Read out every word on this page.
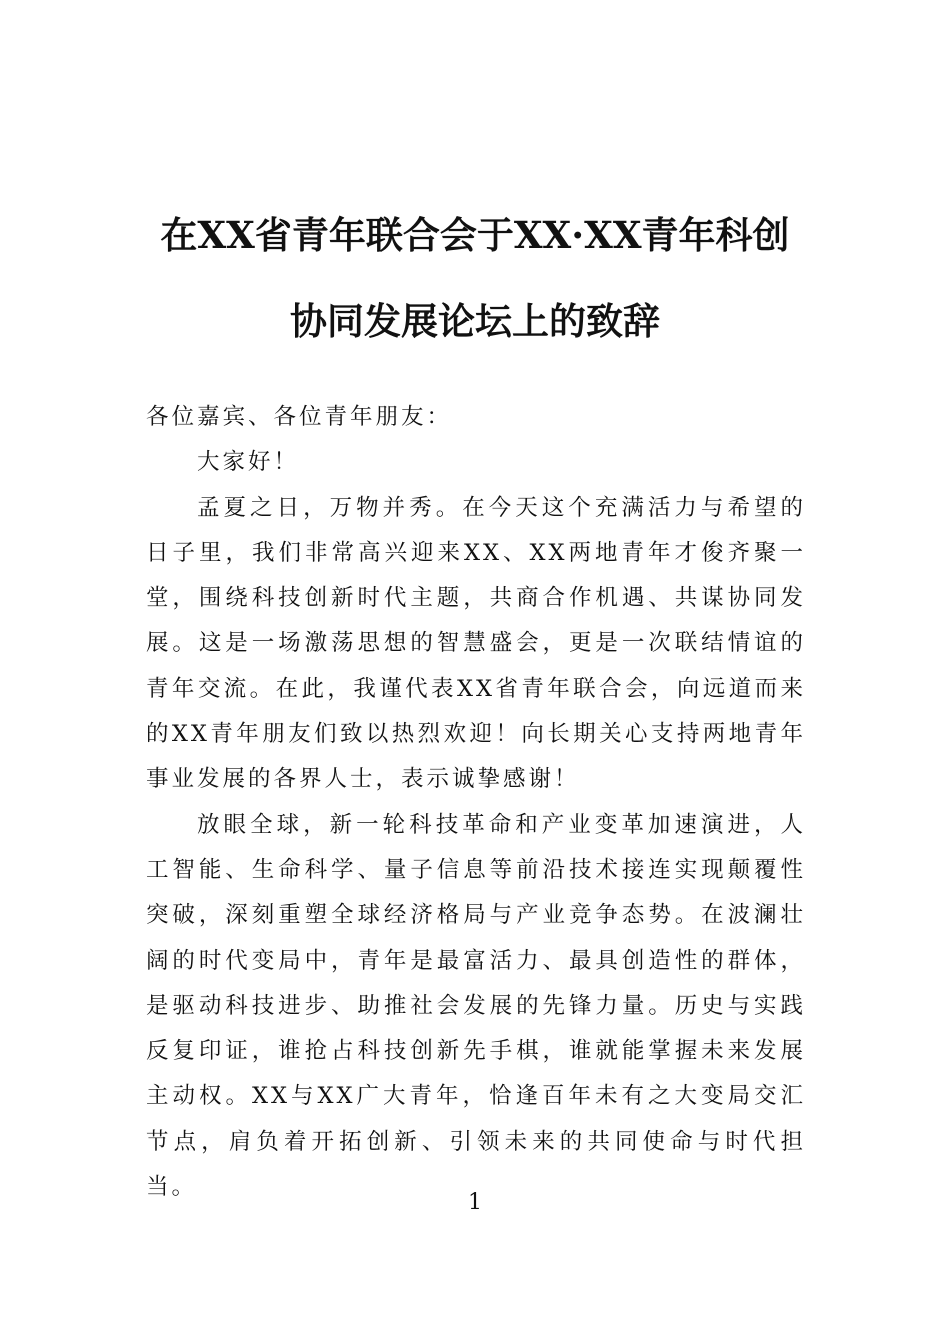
在XX省青年联合会于XX·XX青年科创
协同发展论坛上的致辞

各位嘉宾、各位青年朋友：

大家好！

孟夏之日，万物并秀。在今天这个充满活力与希望的日子里，我们非常高兴迎来XX、XX两地青年才俊齐聚一堂，围绕科技创新时代主题，共商合作机遇、共谋协同发展。这是一场激荡思想的智慧盛会，更是一次联结情谊的青年交流。在此，我谨代表XX省青年联合会，向远道而来的XX青年朋友们致以热烈欢迎！向长期关心支持两地青年事业发展的各界人士，表示诚挚感谢！

放眼全球，新一轮科技革命和产业变革加速演进，人工智能、生命科学、量子信息等前沿技术接连实现颠覆性突破，深刻重塑全球经济格局与产业竞争态势。在波澜壮阔的时代变局中，青年是最富活力、最具创造性的群体，是驱动科技进步、助推社会发展的先锋力量。历史与实践反复印证，谁抢占科技创新先手棋，谁就能掌握未来发展主动权。XX与XX广大青年，恰逢百年未有之大变局交汇节点，肩负着开拓创新、引领未来的共同使命与时代担当。

1
